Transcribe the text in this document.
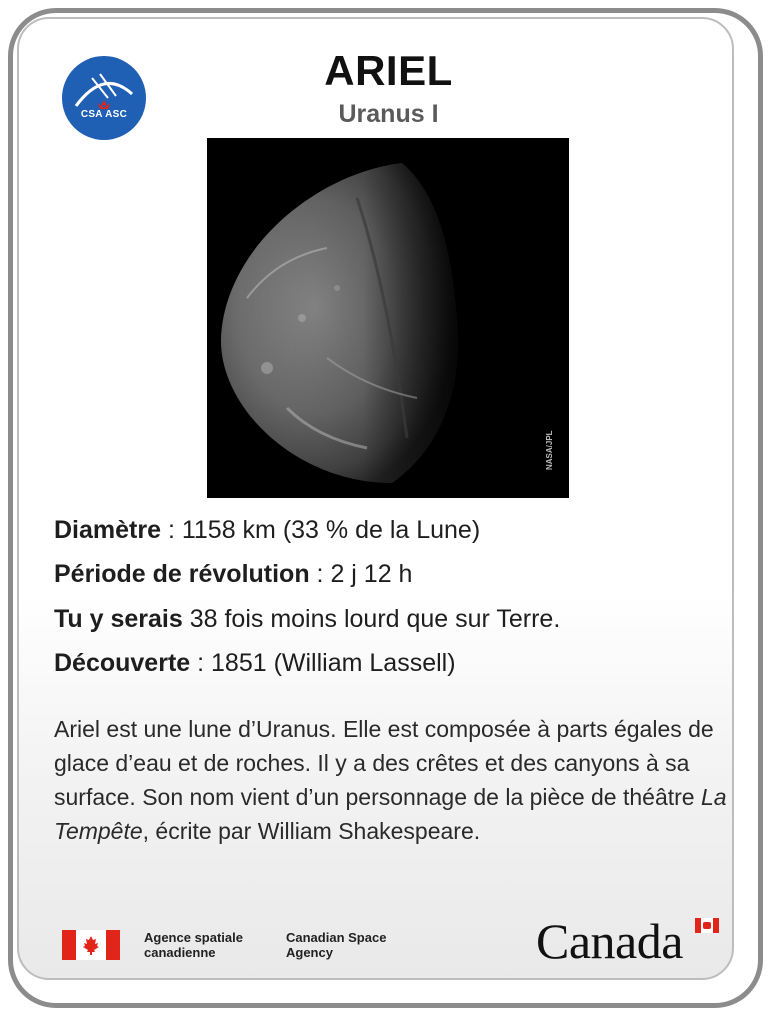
CSA ASC
ARIEL
Uranus I
NASA/JPL
Diamètre : 1158 km (33 % de la Lune)
Période de révolution : 2 j 12 h
Tu y serais 38 fois moins lourd que sur Terre.
Découverte : 1851 (William Lassell)
Ariel est une lune d’Uranus. Elle est composée à parts égales de glace d’eau et de roches. Il y a des crêtes et des canyons à sa surface. Son nom vient d’un personnage de la pièce de théâtre La Tempête, écrite par William Shakespeare.
Agence spatiale canadienne
Canadian Space Agency	Canada
